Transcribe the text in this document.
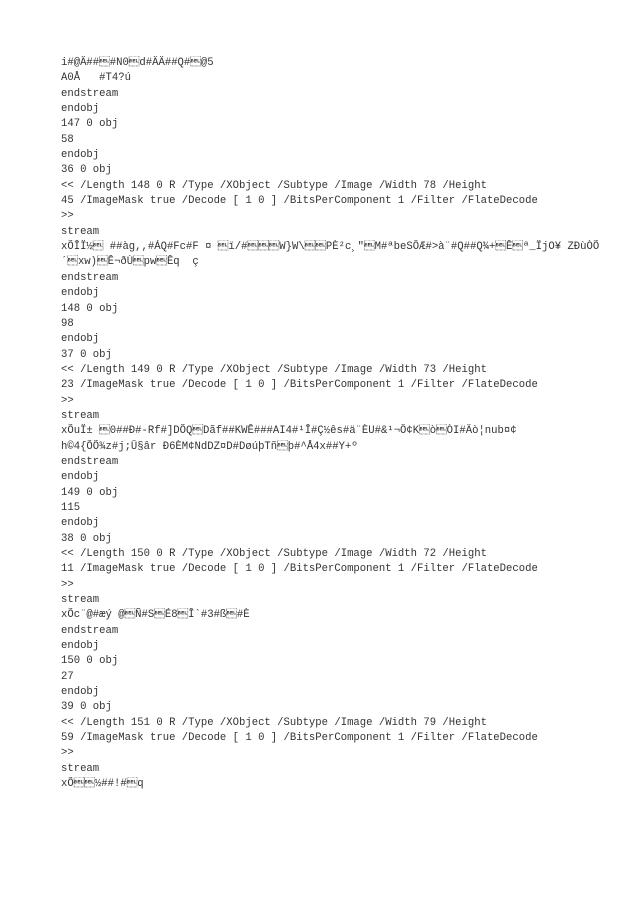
i#@Ä###N0d#ÄÄ##Q#@5
A0Å   #T4?ú
endstream
endobj
147 0 obj
58
endobj
36 0 obj
<< /Length 148 0 R /Type /XObject /Subtype /Image /Width 78 /Height
45 /ImageMask true /Decode [ 1 0 ] /BitsPerComponent 1 /Filter /FlateDecode
>>
stream
xÕÎÏ½ ##àg,,#ÁQ#Fc#F ¤ ï/#W}W\PÈ²c¸"M#ªbeSÔÆ#>à¨#Q##Q¾+Êª_ÏjO¥ ZÐùÒÕ
´xw)Ê¬ðÙpwÊq  ç
endstream
endobj
148 0 obj
98
endobj
37 0 obj
<< /Length 149 0 R /Type /XObject /Subtype /Image /Width 73 /Height
23 /ImageMask true /Decode [ 1 0 ] /BitsPerComponent 1 /Filter /FlateDecode
>>
stream
xÕuÏ± 0##Ð#-Rf#]DÕQDãf##KWÊ###AI4#¹Î#Ç½ês#ä¨ÈU#&¹¬Ô¢KòÒI#Äò¦nub¤¢
h©4{ÕÕ¾z#j;Û§âr Ð6ÈM¢NdDZ¤D#DøúþTñþ#^Å4x##Y+º
endstream
endobj
149 0 obj
115
endobj
38 0 obj
<< /Length 150 0 R /Type /XObject /Subtype /Image /Width 72 /Height
11 /ImageMask true /Decode [ 1 0 ] /BitsPerComponent 1 /Filter /FlateDecode
>>
stream
xÕc¨@#æý @Ñ#SÉ8Î`#3#ß#È
endstream
endobj
150 0 obj
27
endobj
39 0 obj
<< /Length 151 0 R /Type /XObject /Subtype /Image /Width 79 /Height
59 /ImageMask true /Decode [ 1 0 ] /BitsPerComponent 1 /Filter /FlateDecode
>>
stream
xÕ½##!#q
